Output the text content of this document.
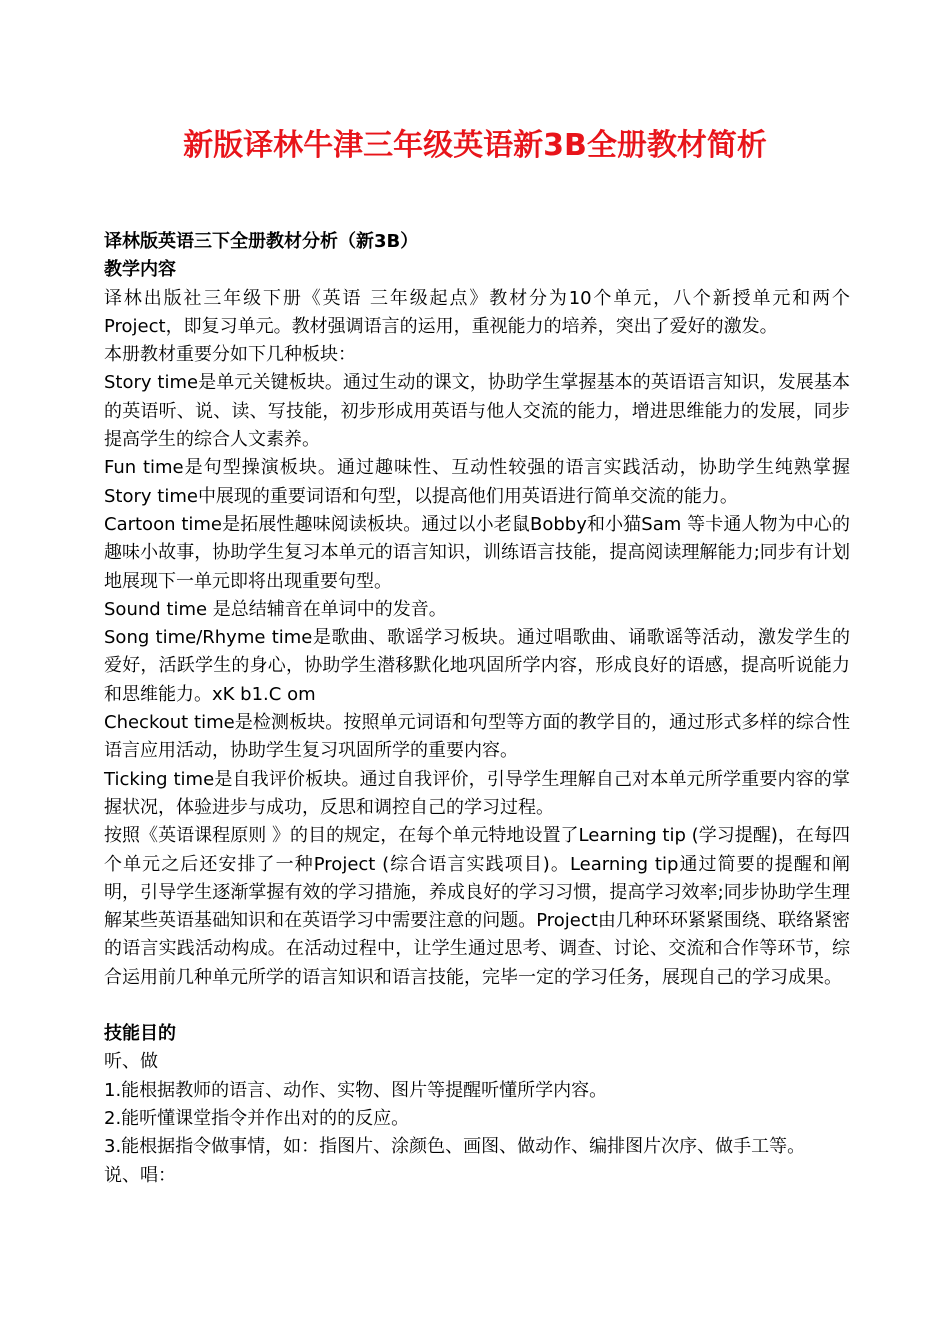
新版译林牛津三年级英语新3B全册教材简析

译林版英语三下全册教材分析（新3B）

教学内容

译林出版社三年级下册《英语 三年级起点》教材分为10个单元，八个新授单元和两个Project，即复习单元。教材强调语言的运用，重视能力的培养，突出了爱好的激发。

本册教材重要分如下几种板块：

Story time是单元关键板块。通过生动的课文，协助学生掌握基本的英语语言知识，发展基本的英语听、说、读、写技能，初步形成用英语与他人交流的能力，增进思维能力的发展，同步提高学生的综合人文素养。

Fun time是句型操演板块。通过趣味性、互动性较强的语言实践活动，协助学生纯熟掌握Story time中展现的重要词语和句型，以提高他们用英语进行简单交流的能力。

Cartoon time是拓展性趣味阅读板块。通过以小老鼠Bobby和小猫Sam 等卡通人物为中心的趣味小故事，协助学生复习本单元的语言知识，训练语言技能，提高阅读理解能力;同步有计划地展现下一单元即将出现重要句型。

Sound time 是总结辅音在单词中的发音。

Song time/Rhyme time是歌曲、歌谣学习板块。通过唱歌曲、诵歌谣等活动，激发学生的爱好，活跃学生的身心，协助学生潜移默化地巩固所学内容，形成良好的语感，提高听说能力和思维能力。xK b1.C om

Checkout time是检测板块。按照单元词语和句型等方面的教学目的，通过形式多样的综合性语言应用活动，协助学生复习巩固所学的重要内容。

Ticking time是自我评价板块。通过自我评价，引导学生理解自己对本单元所学重要内容的掌握状况，体验进步与成功，反思和调控自己的学习过程。

按照《英语课程原则 》的目的规定，在每个单元特地设置了Learning tip (学习提醒)，在每四个单元之后还安排了一种Project (综合语言实践项目)。Learning tip通过简要的提醒和阐明，引导学生逐渐掌握有效的学习措施，养成良好的学习习惯，提高学习效率;同步协助学生理解某些英语基础知识和在英语学习中需要注意的问题。Project由几种环环紧紧围绕、联络紧密的语言实践活动构成。在活动过程中，让学生通过思考、调查、讨论、交流和合作等环节，综合运用前几种单元所学的语言知识和语言技能，完毕一定的学习任务，展现自己的学习成果。

技能目的

听、做

1.能根据教师的语言、动作、实物、图片等提醒听懂所学内容。

2.能听懂课堂指令并作出对的的反应。

3.能根据指令做事情，如：指图片、涂颜色、画图、做动作、编排图片次序、做手工等。

说、唱：
